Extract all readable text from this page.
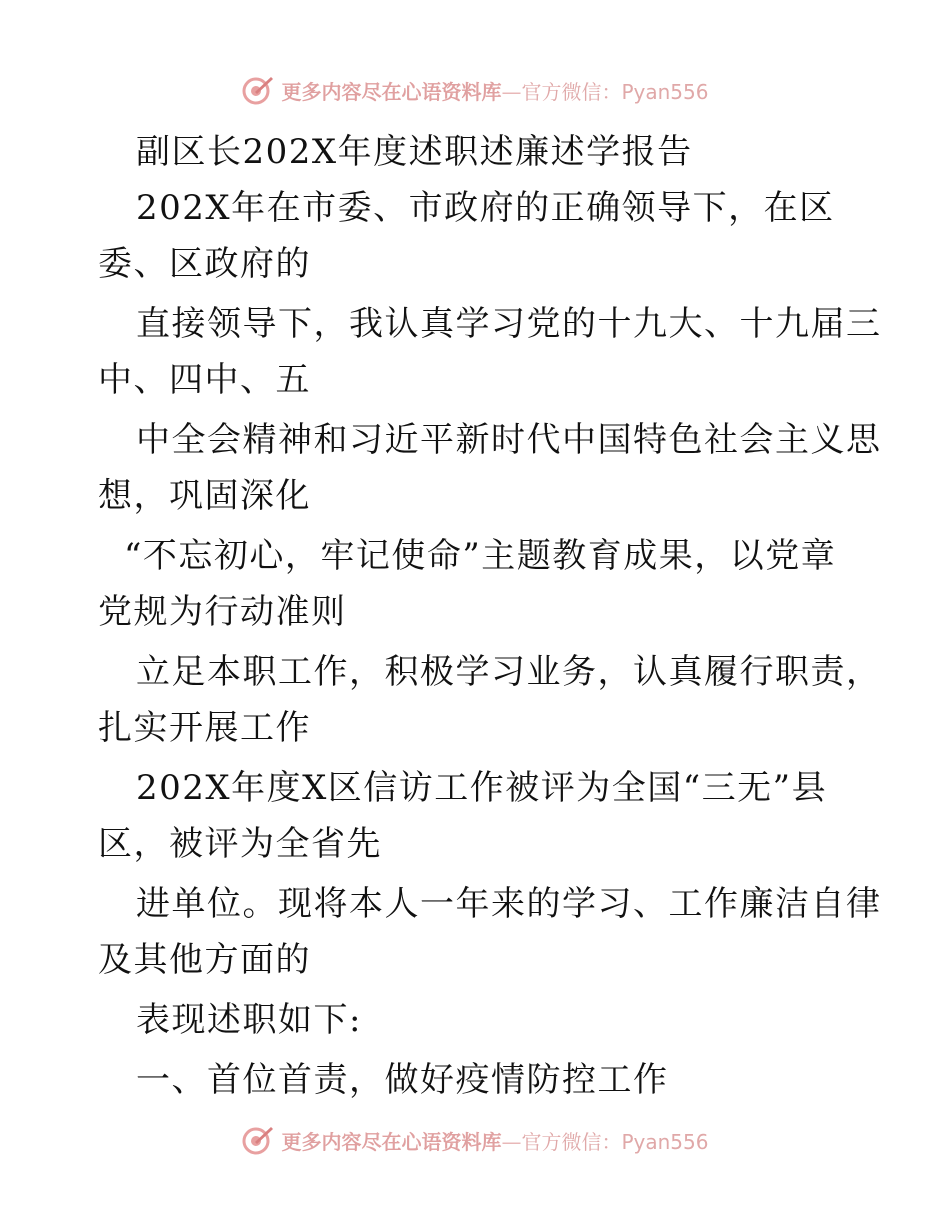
更多内容尽在心语资料库—官方微信：Pyan556
副区长202X年度述职述廉述学报告
202X年在市委、市政府的正确领导下，在区
委、区政府的
直接领导下，我认真学习党的十九大、十九届三
中、四中、五
中全会精神和习近平新时代中国特色社会主义思
想，巩固深化
“不忘初心，牢记使命”主题教育成果，以党章
党规为行动准则
立足本职工作，积极学习业务，认真履行职责，
扎实开展工作
202X年度X区信访工作被评为全国“三无”县
区，被评为全省先
进单位。现将本人一年来的学习、工作廉洁自律
及其他方面的
表现述职如下:
一、首位首责，做好疫情防控工作
更多内容尽在心语资料库—官方微信：Pyan556
